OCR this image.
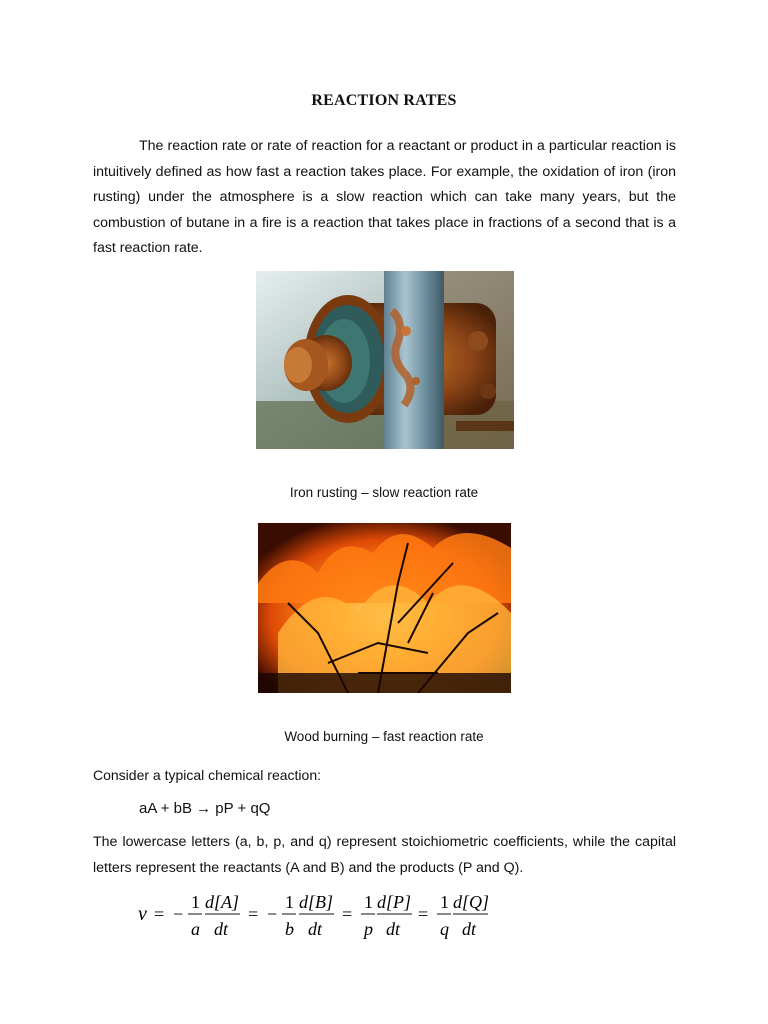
REACTION RATES
The reaction rate or rate of reaction for a reactant or product in a particular reaction is intuitively defined as how fast a reaction takes place. For example, the oxidation of iron (iron rusting) under the atmosphere is a slow reaction which can take many years, but the combustion of butane in a fire is a reaction that takes place in fractions of a second that is a fast reaction rate.
Iron rusting – slow reaction rate
Wood burning – fast reaction rate
Consider a typical chemical reaction:
aA + bB → pP + qQ
The lowercase letters (a, b, p, and q) represent stoichiometric coefficients, while the capital letters represent the reactants (A and B) and the products (P and Q).
v = −
1
a
d[A]
dt
= −
1
b
d[B]
dt
=
1
p
d[P]
dt
=
1
q
d[Q]
dt
